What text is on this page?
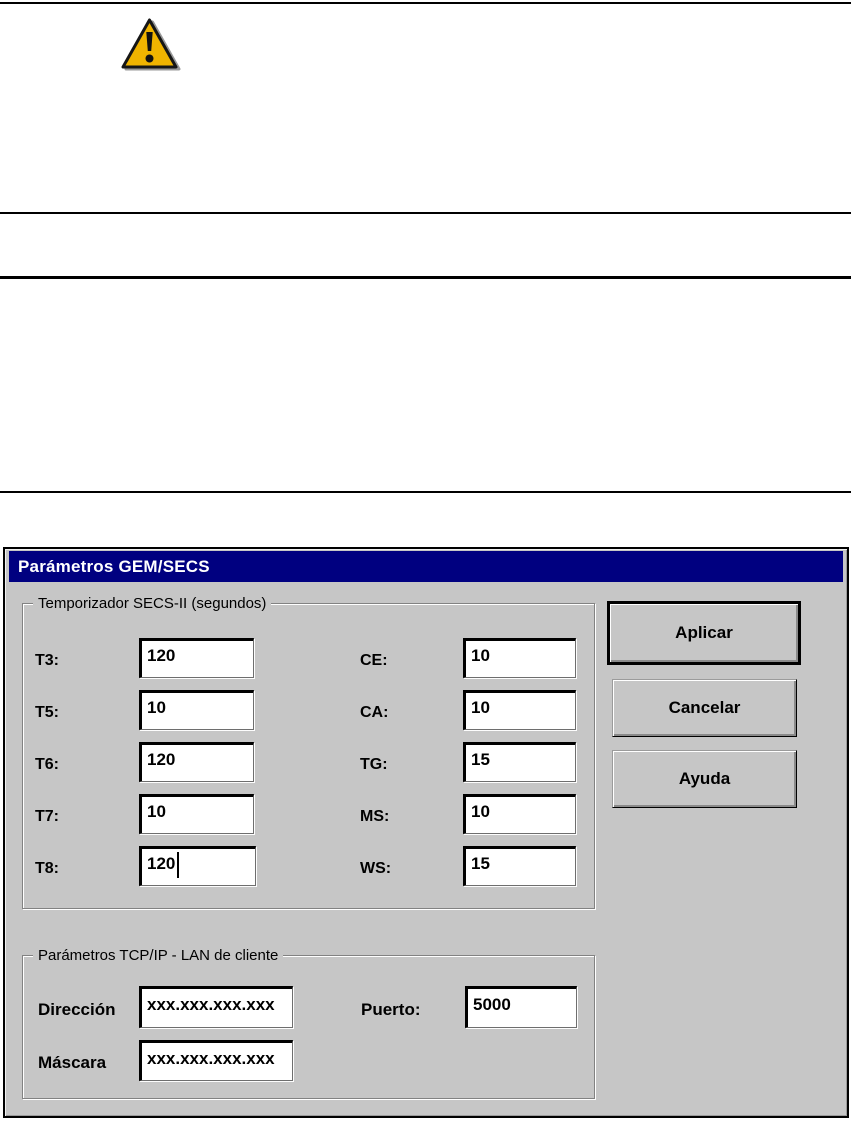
Parámetros GEM/SECS
Temporizador SECS-II (segundos)
T3:
T5:
T6:
T7:
T8:
120
10
120
10
120
CE:
CA:
TG:
MS:
WS:
10
10
15
10
15
Aplicar
Cancelar
Ayuda
Parámetros TCP/IP - LAN de cliente
Dirección
xxx.xxx.xxx.xxx
Máscara
xxx.xxx.xxx.xxx
Puerto:
5000
